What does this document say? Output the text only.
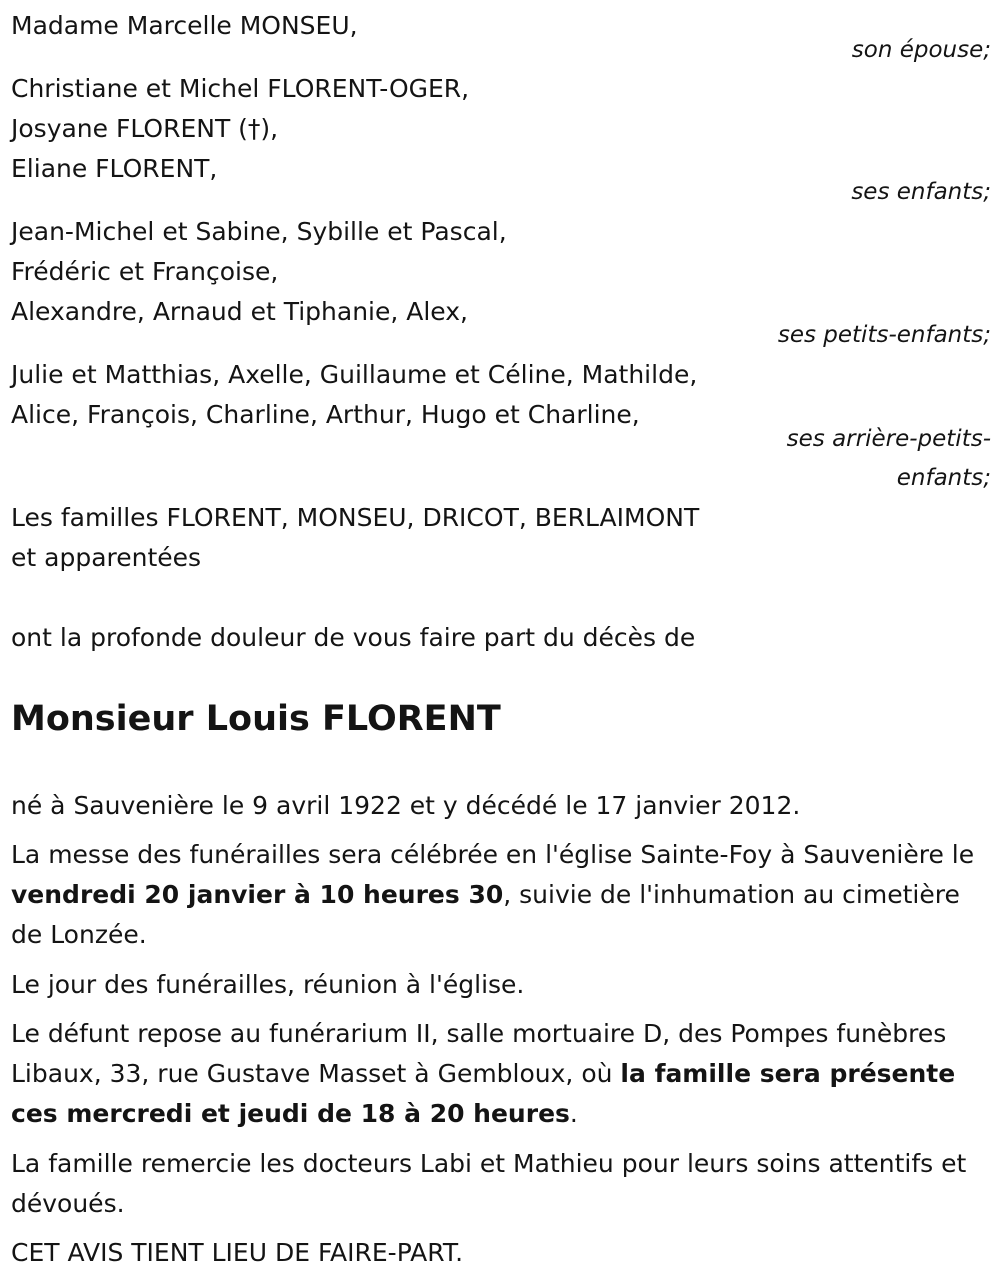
Madame Marcelle MONSEU,
son épouse;
Christiane et Michel FLORENT-OGER,
Josyane FLORENT (†),
Eliane FLORENT,
ses enfants;
Jean-Michel et Sabine, Sybille et Pascal,
Frédéric et Françoise,
Alexandre, Arnaud et Tiphanie, Alex,
ses petits-enfants;
Julie et Matthias, Axelle, Guillaume et Céline, Mathilde,
Alice, François, Charline, Arthur, Hugo et Charline,
ses arrière-petits-
enfants;
Les familles FLORENT, MONSEU, DRICOT, BERLAIMONT
et apparentées
ont la profonde douleur de vous faire part du décès de
Monsieur Louis FLORENT
né à Sauvenière le 9 avril 1922 et y décédé le 17 janvier 2012.
La messe des funérailles sera célébrée en l'église Sainte-Foy à Sauvenière le vendredi 20 janvier à 10 heures 30, suivie de l'inhumation au cimetière de Lonzée.
Le jour des funérailles, réunion à l'église.
Le défunt repose au funérarium II, salle mortuaire D, des Pompes funèbres Libaux, 33, rue Gustave Masset à Gembloux, où la famille sera présente ces mercredi et jeudi de 18 à 20 heures.
La famille remercie les docteurs Labi et Mathieu pour leurs soins attentifs et dévoués.
CET AVIS TIENT LIEU DE FAIRE-PART.
